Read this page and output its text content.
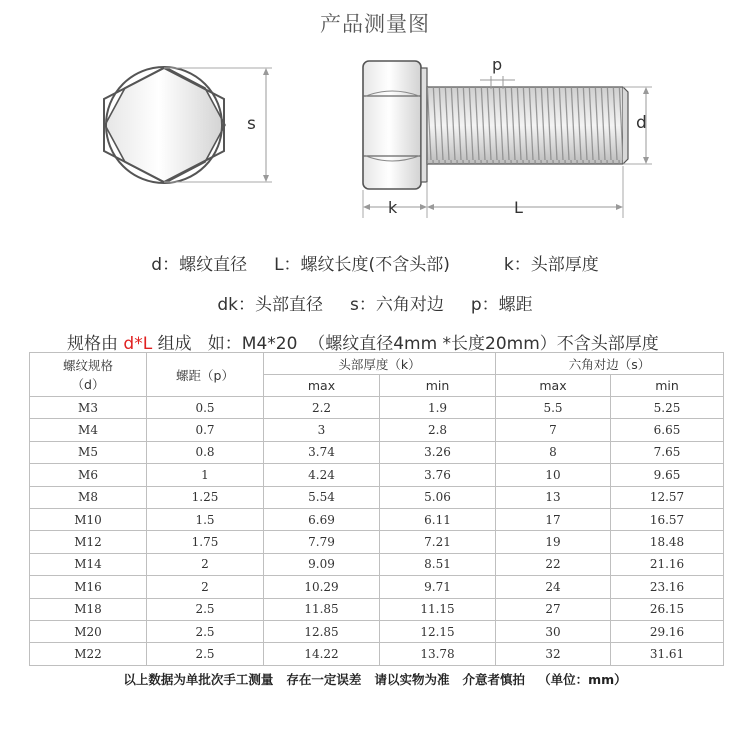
产品测量图
s
p
d
k	L
d：螺纹直径     L：螺纹长度(不含头部)          k：头部厚度
dk：头部直径     s：六角对边     p：螺距
规格由 d*L 组成   如：M4*20  （螺纹直径4mm *长度20mm）不含头部厚度
螺纹规格
（d）	螺距（p）	头部厚度（k）		六角对边（s）	
		max	min	max	min
M3	0.5	2.2	1.9	5.5	5.25
M4	0.7	3	2.8	7	6.65
M5	0.8	3.74	3.26	8	7.65
M6	1	4.24	3.76	10	9.65
M8	1.25	5.54	5.06	13	12.57
M10	1.5	6.69	6.11	17	16.57
M12	1.75	7.79	7.21	19	18.48
M14	2	9.09	8.51	22	21.16
M16	2	10.29	9.71	24	23.16
M18	2.5	11.85	11.15	27	26.15
M20	2.5	12.85	12.15	30	29.16
M22	2.5	14.22	13.78	32	31.61
以上数据为单批次手工测量   存在一定误差   请以实物为准   介意者慎拍   （单位：mm）
